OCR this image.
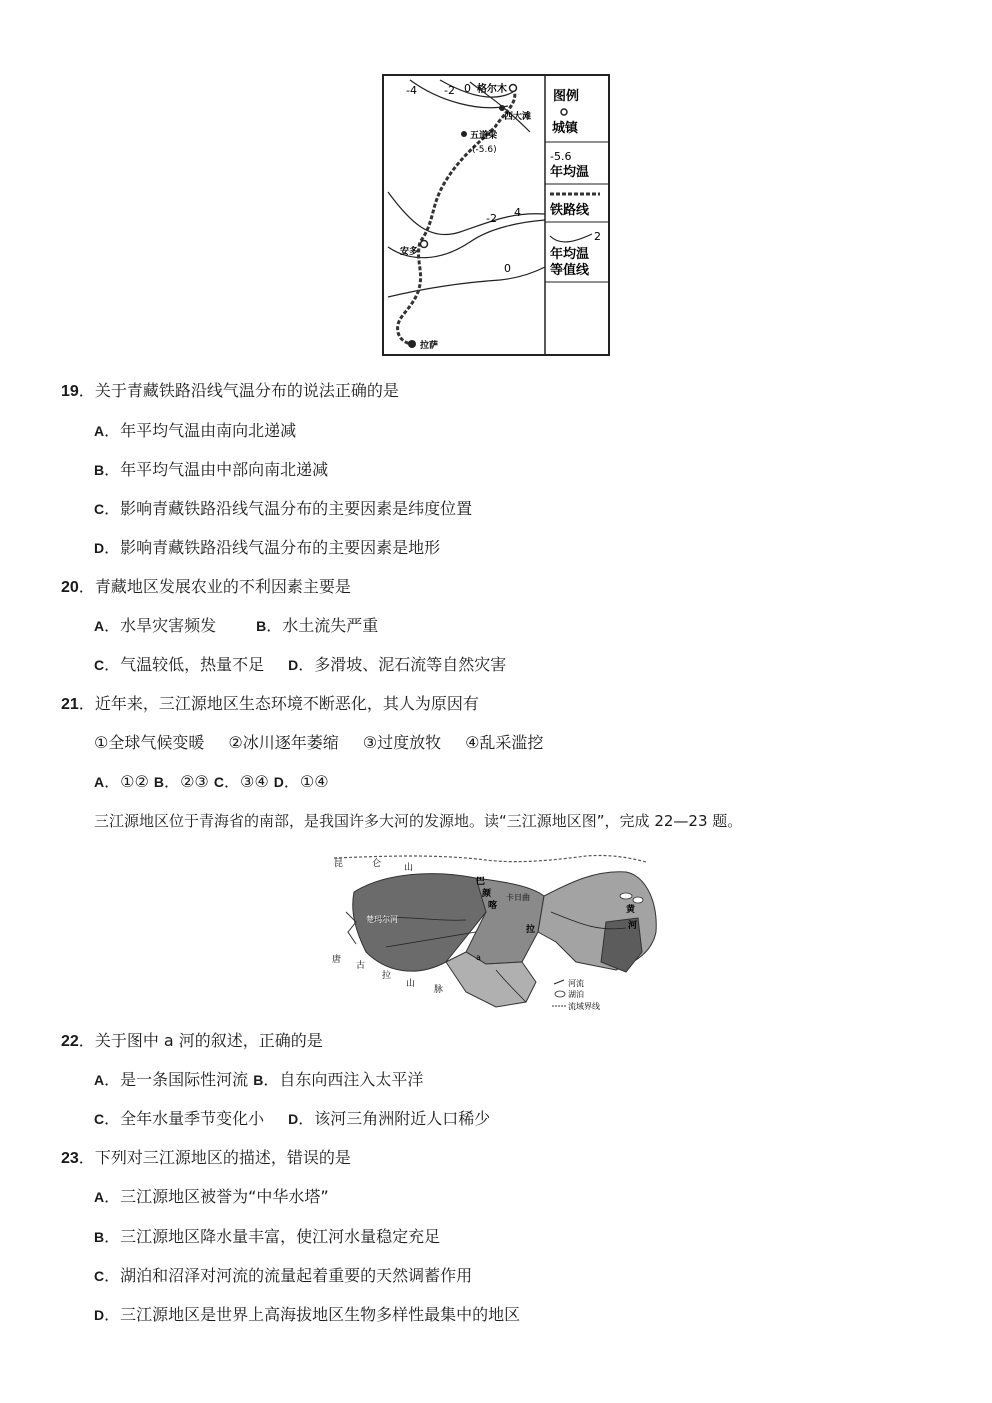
-4 -2 0 格尔木
西大滩
五道梁
(-5.6)
-2 4
安多
0
拉萨
图例
城镇
-5.6
年均温
铁路线
2
年均温
等值线
19．关于青藏铁路沿线气温分布的说法正确的是
A．年平均气温由南向北递减
B．年平均气温由中部向南北递减
C．影响青藏铁路沿线气温分布的主要因素是纬度位置
D．影响青藏铁路沿线气温分布的主要因素是地形
20．青藏地区发展农业的不利因素主要是
A．水旱灾害频发	B．水土流失严重
C．气温较低，热量不足 D．多滑坡、泥石流等自然灾害
21．近年来，三江源地区生态环境不断恶化，其人为原因有
①全球气候变暖 ②冰川逐年萎缩 ③过度放牧 ④乱采滥挖
A．①② B．②③ C．③④ D．①④
三江源地区位于青海省的南部，是我国许多大河的发源地。读“三江源地区图”，完成 22—23 题。
昆	仑	山
巴
颜
喀
拉
唐
古
拉
山
脉
卡日曲
楚玛尔河
a
黄
河
河流
湖泊
流域界线
22．关于图中 a 河的叙述，正确的是
A．是一条国际性河流 B．自东向西注入太平洋
C．全年水量季节变化小 D．该河三角洲附近人口稀少
23．下列对三江源地区的描述，错误的是
A．三江源地区被誉为“中华水塔”
B．三江源地区降水量丰富，使江河水量稳定充足
C．湖泊和沼泽对河流的流量起着重要的天然调蓄作用
D．三江源地区是世界上高海拔地区生物多样性最集中的地区
